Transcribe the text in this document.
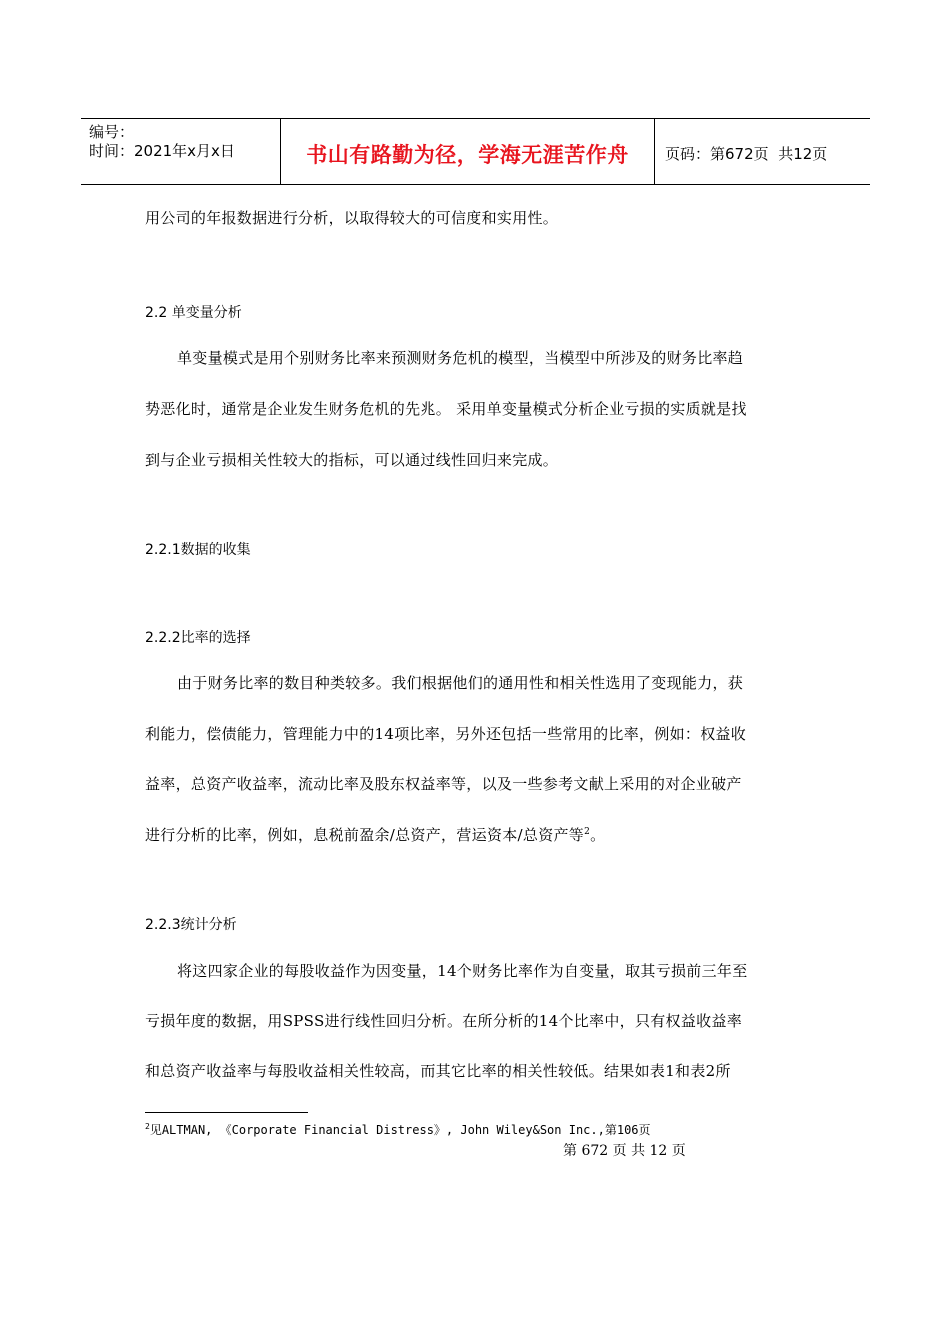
编号：
时间：2021年x月x日	书山有路勤为径，学海无涯苦作舟 页码：第 672 页  共 12 页
用公司的年报数据进行分析，以取得较大的可信度和实用性。
2.2 单变量分析
单变量模式是用个别财务比率来预测财务危机的模型，当模型中所涉及的财务比率趋
势恶化时，通常是企业发生财务危机的先兆。 采用单变量模式分析企业亏损的实质就是找
到与企业亏损相关性较大的指标，可以通过线性回归来完成。
2.2.1数据的收集
2.2.2比率的选择
由于财务比率的数目种类较多。我们根据他们的通用性和相关性选用了变现能力，获
利能力，偿债能力，管理能力中的14项比率，另外还包括一些常用的比率，例如：权益收
益率，总资产收益率，流动比率及股东权益率等，以及一些参考文献上采用的对企业破产
进行分析的比率，例如，息税前盈余/总资产，营运资本/总资产等$^2$。
2.2.3统计分析
将这四家企业的每股收益作为因变量，14个财务比率作为自变量，取其亏损前三年至
亏损年度的数据，用SPSS进行线性回归分析。在所分析的14个比率中，只有权益收益率
和总资产收益率与每股收益相关性较高，而其它比率的相关性较低。结果如表1和表2所
$^2$见ALTMAN, 《Corporate Financial Distress》, John Wiley&Son Inc.,第106页
第 672 页 共 12 页
